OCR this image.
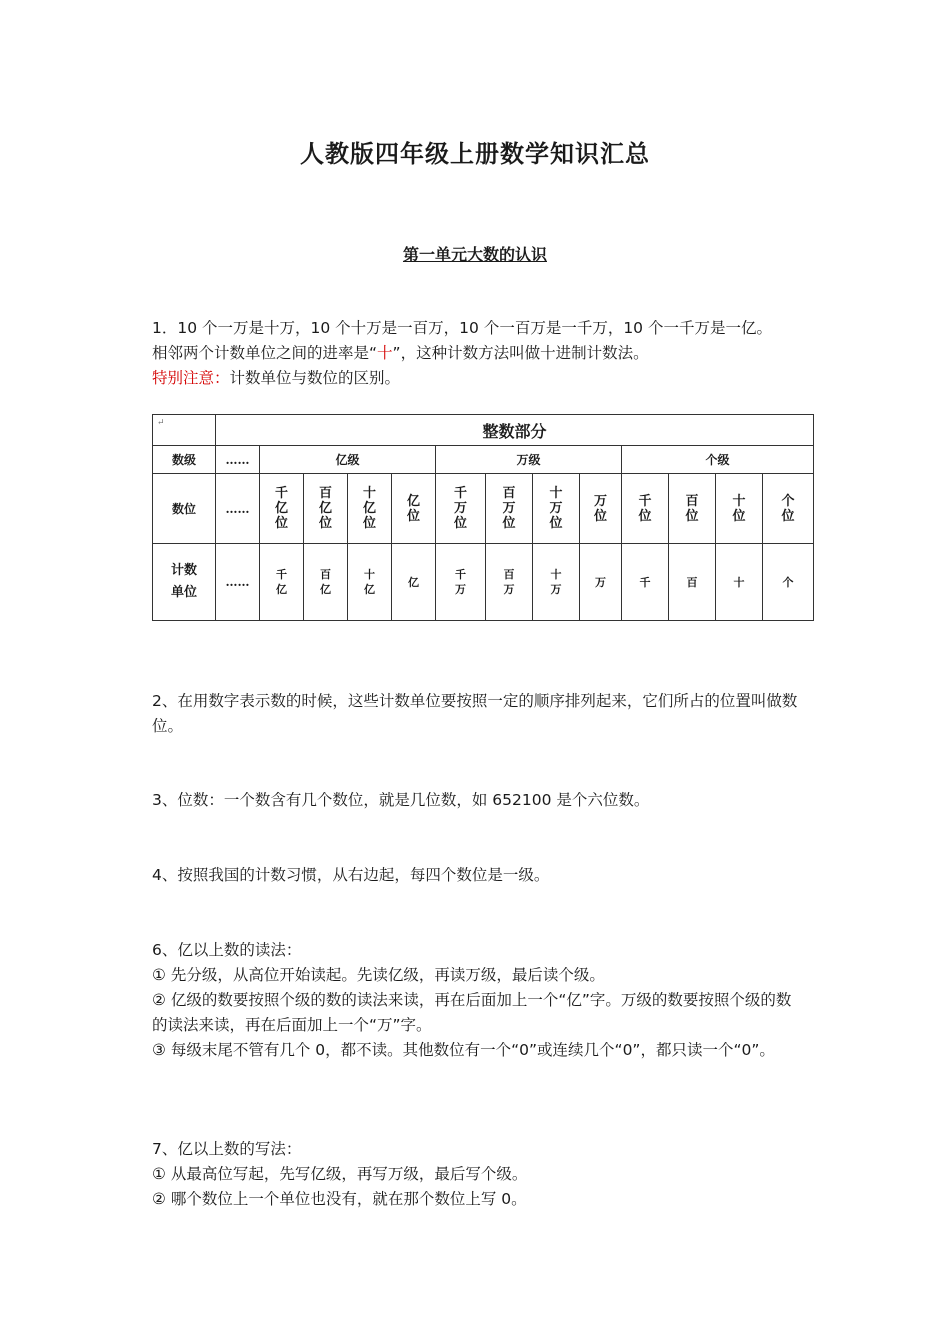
人教版四年级上册数学知识汇总
第一单元大数的认识
1．10 个一万是十万，10 个十万是一百万，10 个一百万是一千万，10 个一千万是一亿。
相邻两个计数单位之间的进率是“十”，这种计数方法叫做十进制计数法。
特别注意：计数单位与数位的区别。
↵	整数部分												
数级	……	亿级				万级				个级			
数位	……	千亿位	百亿位	十亿位	亿位	千万位	百万位	十万位	万位	千位	百位	十位	个位

计数单位	……	千亿	百亿	十亿	亿	千万	百万	十万	万	千	百	十	个
2、在用数字表示数的时候，这些计数单位要按照一定的顺序排列起来，它们所占的位置叫做数位。
3、位数：一个数含有几个数位，就是几位数，如 652100 是个六位数。
4、按照我国的计数习惯，从右边起，每四个数位是一级。
6、亿以上数的读法：
① 先分级，从高位开始读起。先读亿级，再读万级，最后读个级。
② 亿级的数要按照个级的数的读法来读，再在后面加上一个“亿”字。万级的数要按照个级的数的读法来读，再在后面加上一个“万”字。
③ 每级末尾不管有几个 0，都不读。其他数位有一个“0”或连续几个“0”，都只读一个“0”。
7、亿以上数的写法：
① 从最高位写起，先写亿级，再写万级，最后写个级。
② 哪个数位上一个单位也没有，就在那个数位上写 0。
